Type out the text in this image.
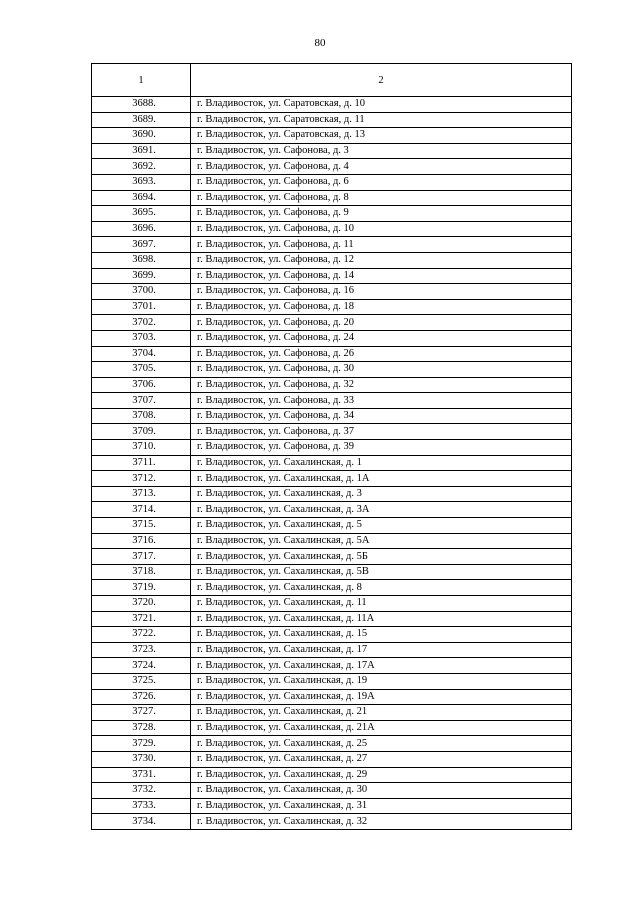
80
1	2
3688.	г. Владивосток, ул. Саратовская, д. 10
3689.	г. Владивосток, ул. Саратовская, д. 11
3690.	г. Владивосток, ул. Саратовская, д. 13
3691.	г. Владивосток, ул. Сафонова, д. 3
3692.	г. Владивосток, ул. Сафонова, д. 4
3693.	г. Владивосток, ул. Сафонова, д. 6
3694.	г. Владивосток, ул. Сафонова, д. 8
3695.	г. Владивосток, ул. Сафонова, д. 9
3696.	г. Владивосток, ул. Сафонова, д. 10
3697.	г. Владивосток, ул. Сафонова, д. 11
3698.	г. Владивосток, ул. Сафонова, д. 12
3699.	г. Владивосток, ул. Сафонова, д. 14
3700.	г. Владивосток, ул. Сафонова, д. 16
3701.	г. Владивосток, ул. Сафонова, д. 18
3702.	г. Владивосток, ул. Сафонова, д. 20
3703.	г. Владивосток, ул. Сафонова, д. 24
3704.	г. Владивосток, ул. Сафонова, д. 26
3705.	г. Владивосток, ул. Сафонова, д. 30
3706.	г. Владивосток, ул. Сафонова, д. 32
3707.	г. Владивосток, ул. Сафонова, д. 33
3708.	г. Владивосток, ул. Сафонова, д. 34
3709.	г. Владивосток, ул. Сафонова, д. 37
3710.	г. Владивосток, ул. Сафонова, д. 39
3711.	г. Владивосток, ул. Сахалинская, д. 1
3712.	г. Владивосток, ул. Сахалинская, д. 1А
3713.	г. Владивосток, ул. Сахалинская, д. 3
3714.	г. Владивосток, ул. Сахалинская, д. 3А
3715.	г. Владивосток, ул. Сахалинская, д. 5
3716.	г. Владивосток, ул. Сахалинская, д. 5А
3717.	г. Владивосток, ул. Сахалинская, д. 5Б
3718.	г. Владивосток, ул. Сахалинская, д. 5В
3719.	г. Владивосток, ул. Сахалинская, д. 8
3720.	г. Владивосток, ул. Сахалинская, д. 11
3721.	г. Владивосток, ул. Сахалинская, д. 11А
3722.	г. Владивосток, ул. Сахалинская, д. 15
3723.	г. Владивосток, ул. Сахалинская, д. 17
3724.	г. Владивосток, ул. Сахалинская, д. 17А
3725.	г. Владивосток, ул. Сахалинская, д. 19
3726.	г. Владивосток, ул. Сахалинская, д. 19А
3727.	г. Владивосток, ул. Сахалинская, д. 21
3728.	г. Владивосток, ул. Сахалинская, д. 21А
3729.	г. Владивосток, ул. Сахалинская, д. 25
3730.	г. Владивосток, ул. Сахалинская, д. 27
3731.	г. Владивосток, ул. Сахалинская, д. 29
3732.	г. Владивосток, ул. Сахалинская, д. 30
3733.	г. Владивосток, ул. Сахалинская, д. 31
3734.	г. Владивосток, ул. Сахалинская, д. 32
